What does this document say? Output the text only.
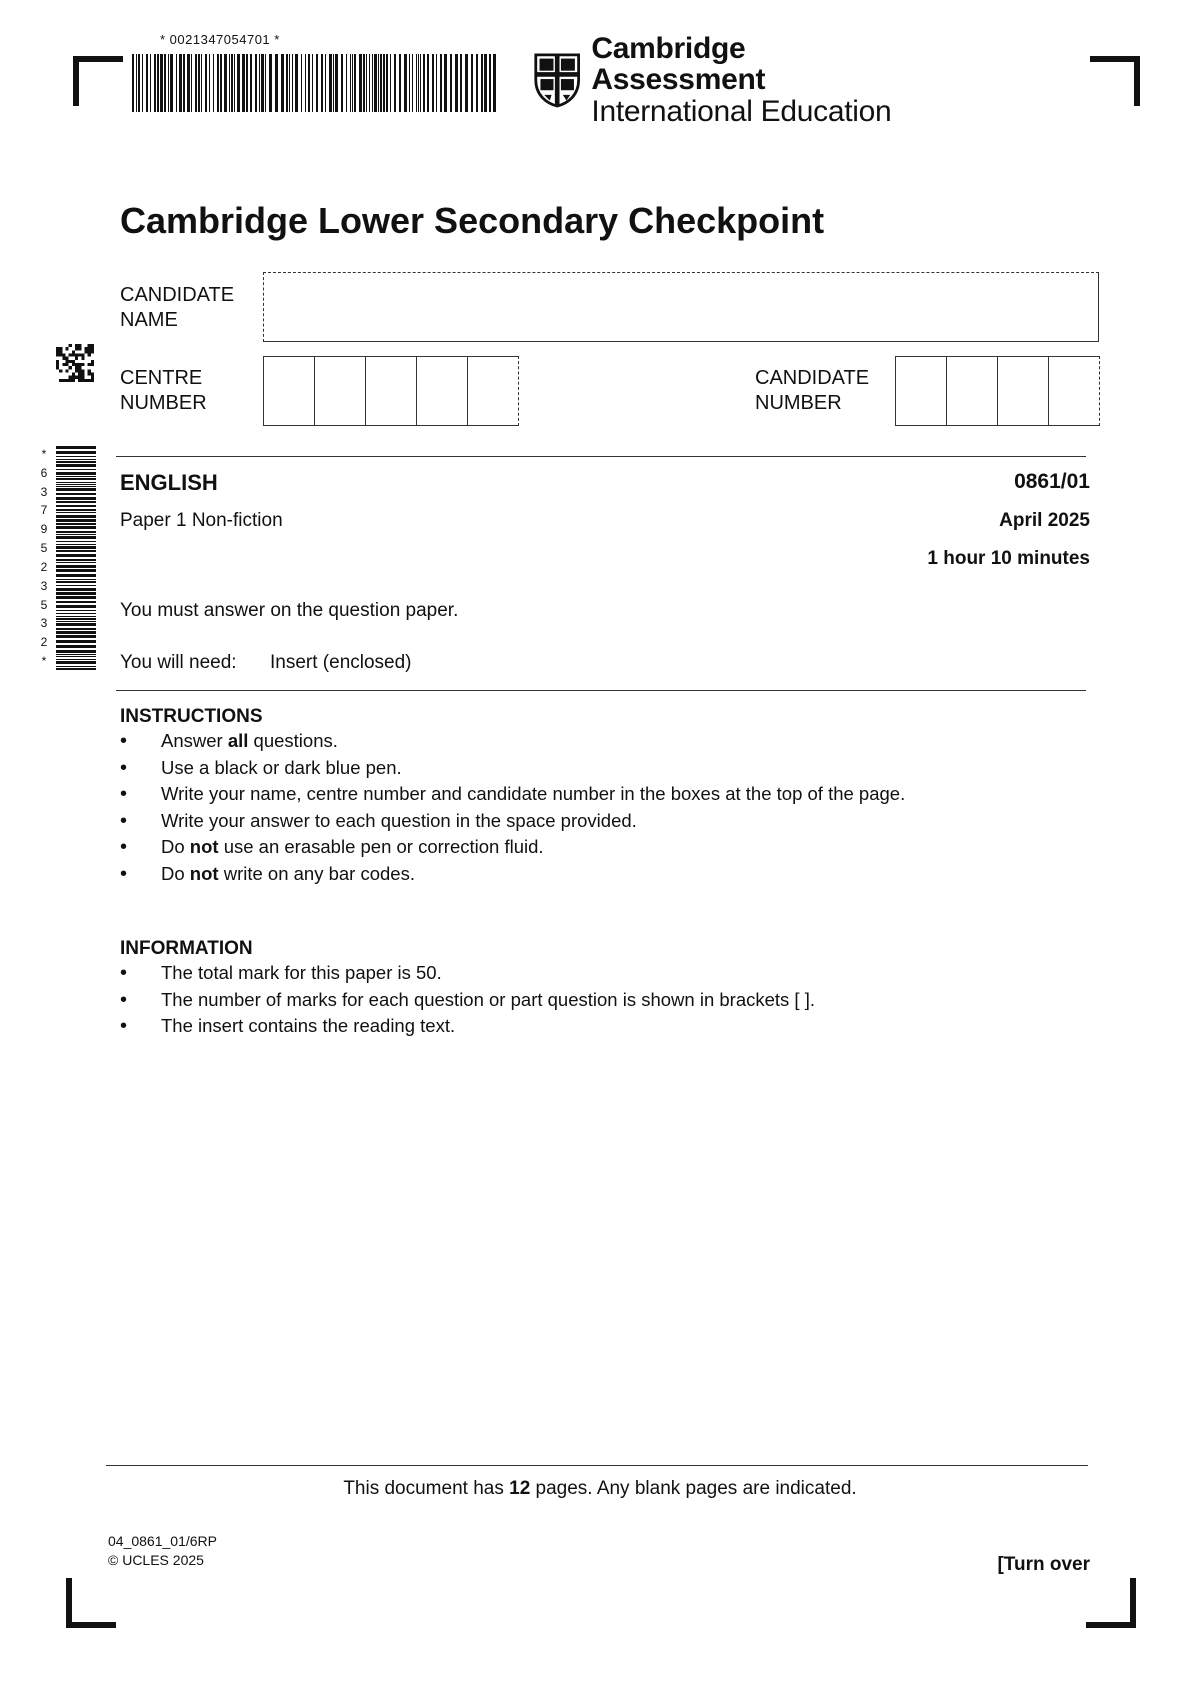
* 0021347054701 *	Cambridge Assessment
International Education
*
6
3
7
9
5
2
3
5
3
2
*
Cambridge Lower Secondary Checkpoint
CANDIDATE
NAME
CENTRE
NUMBER
CANDIDATE
NUMBER
ENGLISH
Paper 1 Non-fiction
0861/01
April 2025
1 hour 10 minutes
You must answer on the question paper.
You will need: Insert (enclosed)
INSTRUCTIONS
• Answer all questions.
• Use a black or dark blue pen.
• Write your name, centre number and candidate number in the boxes at the top of the page.
• Write your answer to each question in the space provided.
• Do not use an erasable pen or correction fluid.
• Do not write on any bar codes.
INFORMATION
• The total mark for this paper is 50.
• The number of marks for each question or part question is shown in brackets [ ].
• The insert contains the reading text.
This document has 12 pages. Any blank pages are indicated.
04_0861_01/6RP
© UCLES 2025	[Turn over
